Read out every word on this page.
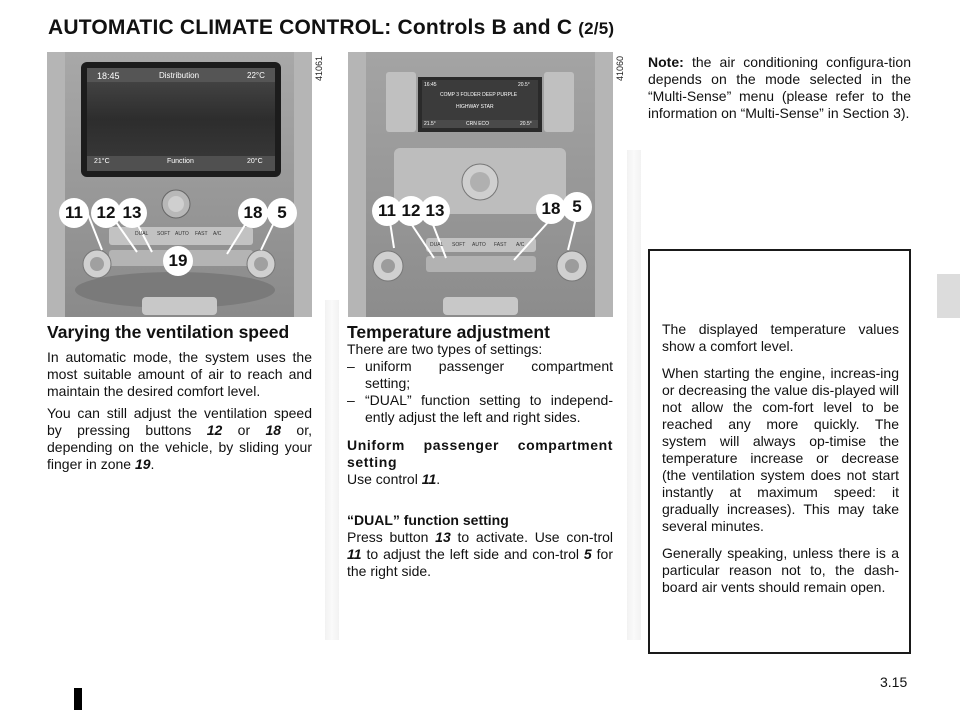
AUTOMATIC CLIMATE CONTROL: Controls B and C (2/5)
18:45	Distribution	22°C
21°C	Function	20°C
DUAL SOFT AUTO FAST A/C
11 12 13	18 5
19
41061
16:45	20.5°
COMP 3 FOLDER DEEP PURPLE
HIGHWAY STAR
21.5°	CRN ECO	20.5°
DUAL SOFT AUTO FAST A/C
11 12 13	18 5
41060
Varying the ventilation speed
In automatic mode, the system uses the most suitable amount of air to reach and maintain the desired comfort level.
You can still adjust the ventilation speed by pressing buttons 12 or 18 or, depending on the vehicle, by sliding your finger in zone 19.
Temperature adjustment
There are two types of settings:
– uniform passenger compartment setting;
– “DUAL” function setting to independ-ently adjust the left and right sides.
Uniform passenger compartment setting
Use control 11.
“DUAL” function setting
Press button 13 to activate. Use con-trol 11 to adjust the left side and con-trol 5 for the right side.
Note: the air conditioning configura-tion depends on the mode selected in the “Multi-Sense” menu (please refer to the information on “Multi-Sense” in Section 3).

The displayed temperature values show a comfort level.

When starting the engine, increas-ing or decreasing the value dis-played will not allow the com-fort level to be reached any more quickly. The system will always op-timise the temperature increase or decrease (the ventilation system does not start instantly at maximum speed: it gradually increases). This may take several minutes.

Generally speaking, unless there is a particular reason not to, the dash-board air vents should remain open.

3.15
